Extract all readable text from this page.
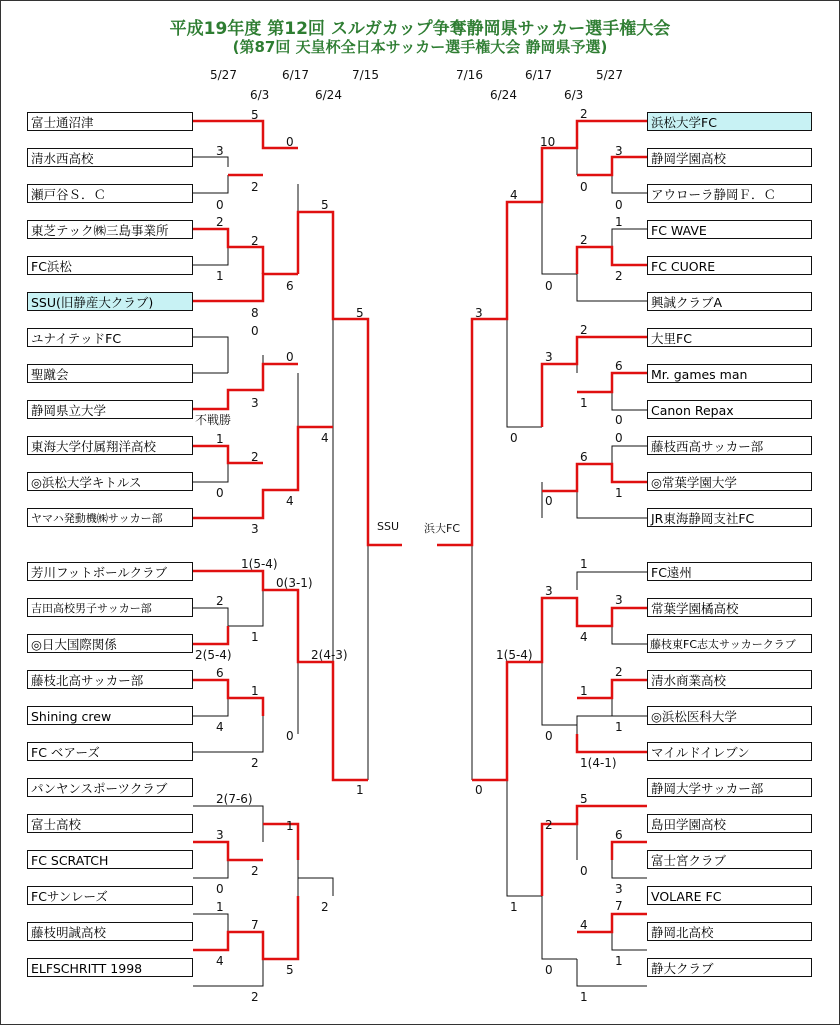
平成19年度 第12回 スルガカップ争奪静岡県サッカー選手権大会
(第87回 天皇杯全日本サッカー選手権大会 静岡県予選)
5/27
6/3
6/17
6/24
7/15	7/16
6/24
6/17
6/3
5/27
富士通沼津
清水西高校
瀬戸谷Ｓ．Ｃ
東芝テック㈱三島事業所
FC浜松
SSU(旧静産大クラブ)
ユナイテッドFC
聖蹴会
静岡県立大学
東海大学付属翔洋高校
◎浜松大学キトルス
ヤマハ発動機㈱サッカー部
芳川フットボールクラブ
吉田高校男子サッカー部
◎日大国際関係
藤枝北高サッカー部
Shining crew
FC ベアーズ
パンヤンスポーツクラブ
富士高校
FC SCRATCH
FCサンレーズ
藤枝明誠高校
ELFSCHRITT 1998
浜松大学FC
静岡学園高校
アウローラ静岡Ｆ．Ｃ
FC WAVE
FC CUORE
興誠クラブA
大里FC
Mr. games man
Canon Repax
藤枝西高サッカー部
◎常葉学園大学
JR東海静岡支社FC
FC遠州
常葉学園橘高校
藤枝東FC志太サッカークラブ
清水商業高校
◎浜松医科大学
マイルドイレブン
静岡大学サッカー部
島田学園高校
富士宮クラブ
VOLARE FC
静岡北高校
静大クラブ
5
3
0
2
0
2
2
1
6
8
5
0
0
3
不戦勝
1
2
0
4
3
4
5
1(5-4)
0(3-1)
2
1
2(5-4)
6
1
4
0
2
2(4-3)
2(7-6)
3
1
2
0
1
7
4
5
2
2
1
2
10
3
0
0
1
2
2
0
4
2
3
6
1
0
0
6
1
0
0
3
1
3
3
4
2
1
1
0
1(4-1)
1(5-4)
5
2
6
0
3
7
4
1
0
1
1
0
SSU 浜大FC
